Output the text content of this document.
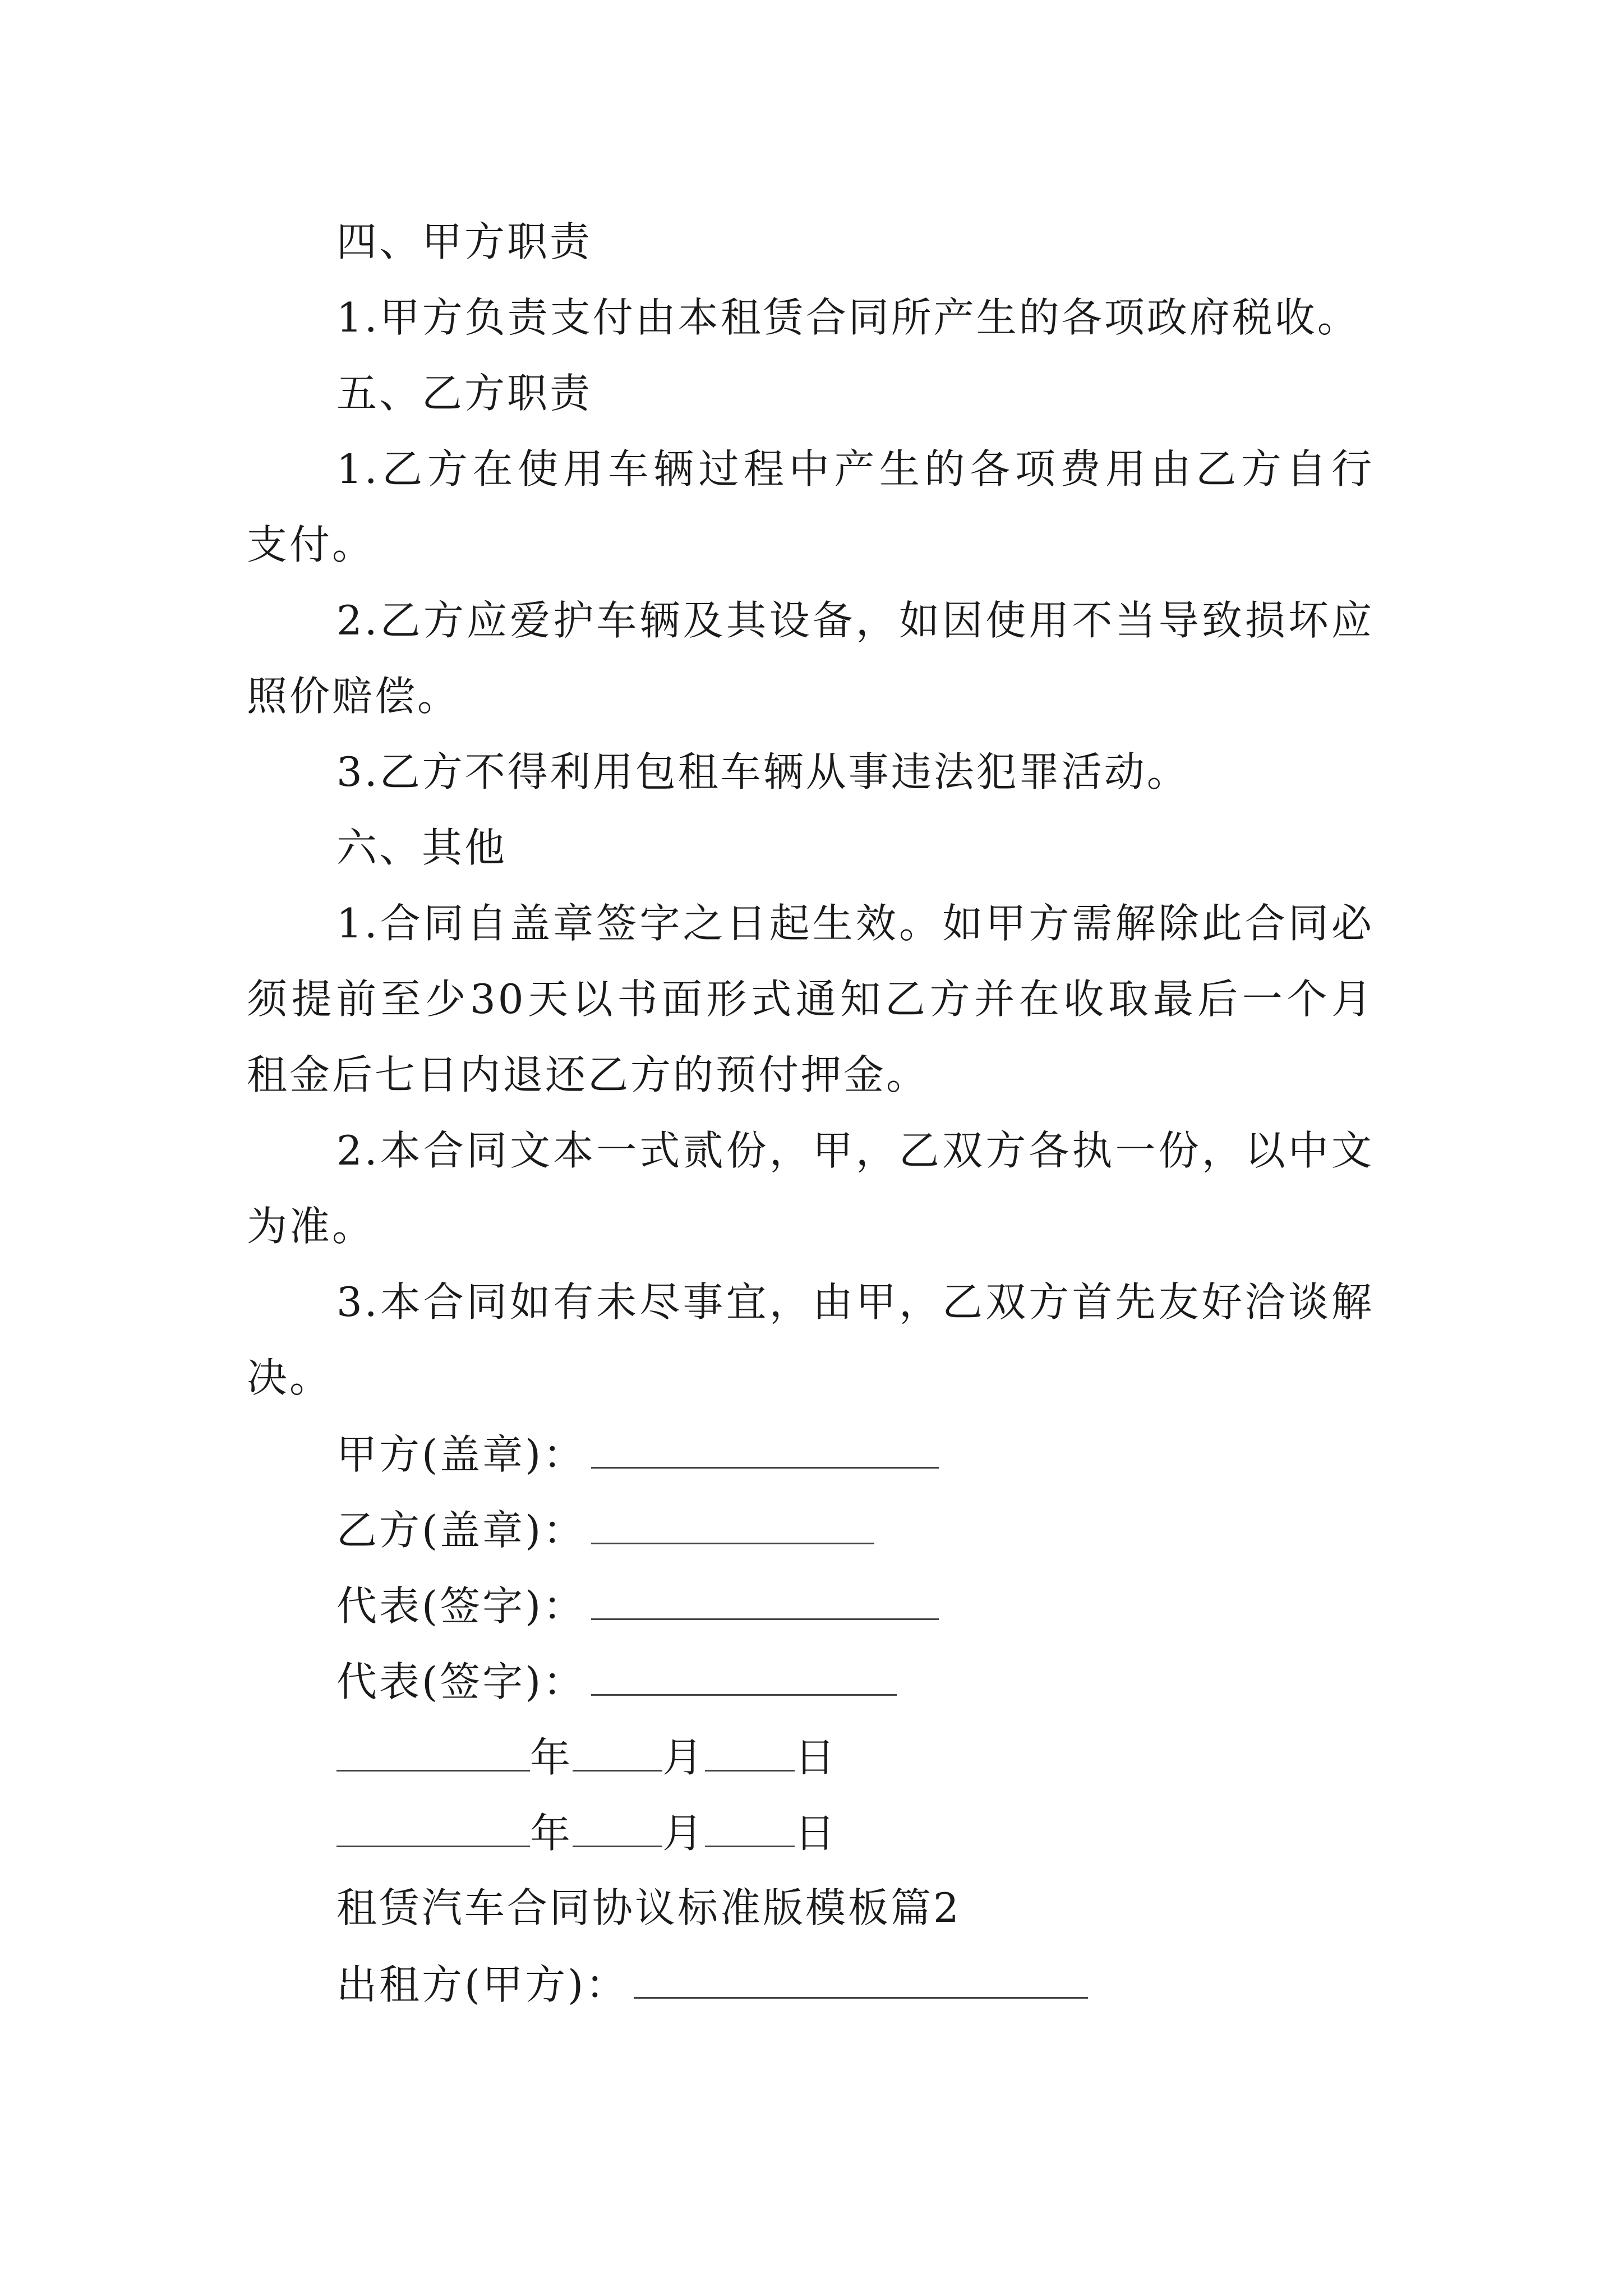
四、甲方职责
1.甲方负责支付由本租赁合同所产生的各项政府税收。
五、乙方职责
1.乙方在使用车辆过程中产生的各项费用由乙方自行
支付。
2.乙方应爱护车辆及其设备，如因使用不当导致损坏应
照价赔偿。
3.乙方不得利用包租车辆从事违法犯罪活动。
六、其他
1.合同自盖章签字之日起生效。如甲方需解除此合同必
须提前至少30天以书面形式通知乙方并在收取最后一个月
租金后七日内退还乙方的预付押金。
2.本合同文本一式贰份，甲，乙双方各执一份，以中文
为准。
3.本合同如有未尽事宜，由甲，乙双方首先友好洽谈解
决。
甲方(盖章)：
乙方(盖章)：
代表(签字)：
代表(签字)：
年 月 日
年 月 日
租赁汽车合同协议标准版模板篇2
出租方(甲方)：
